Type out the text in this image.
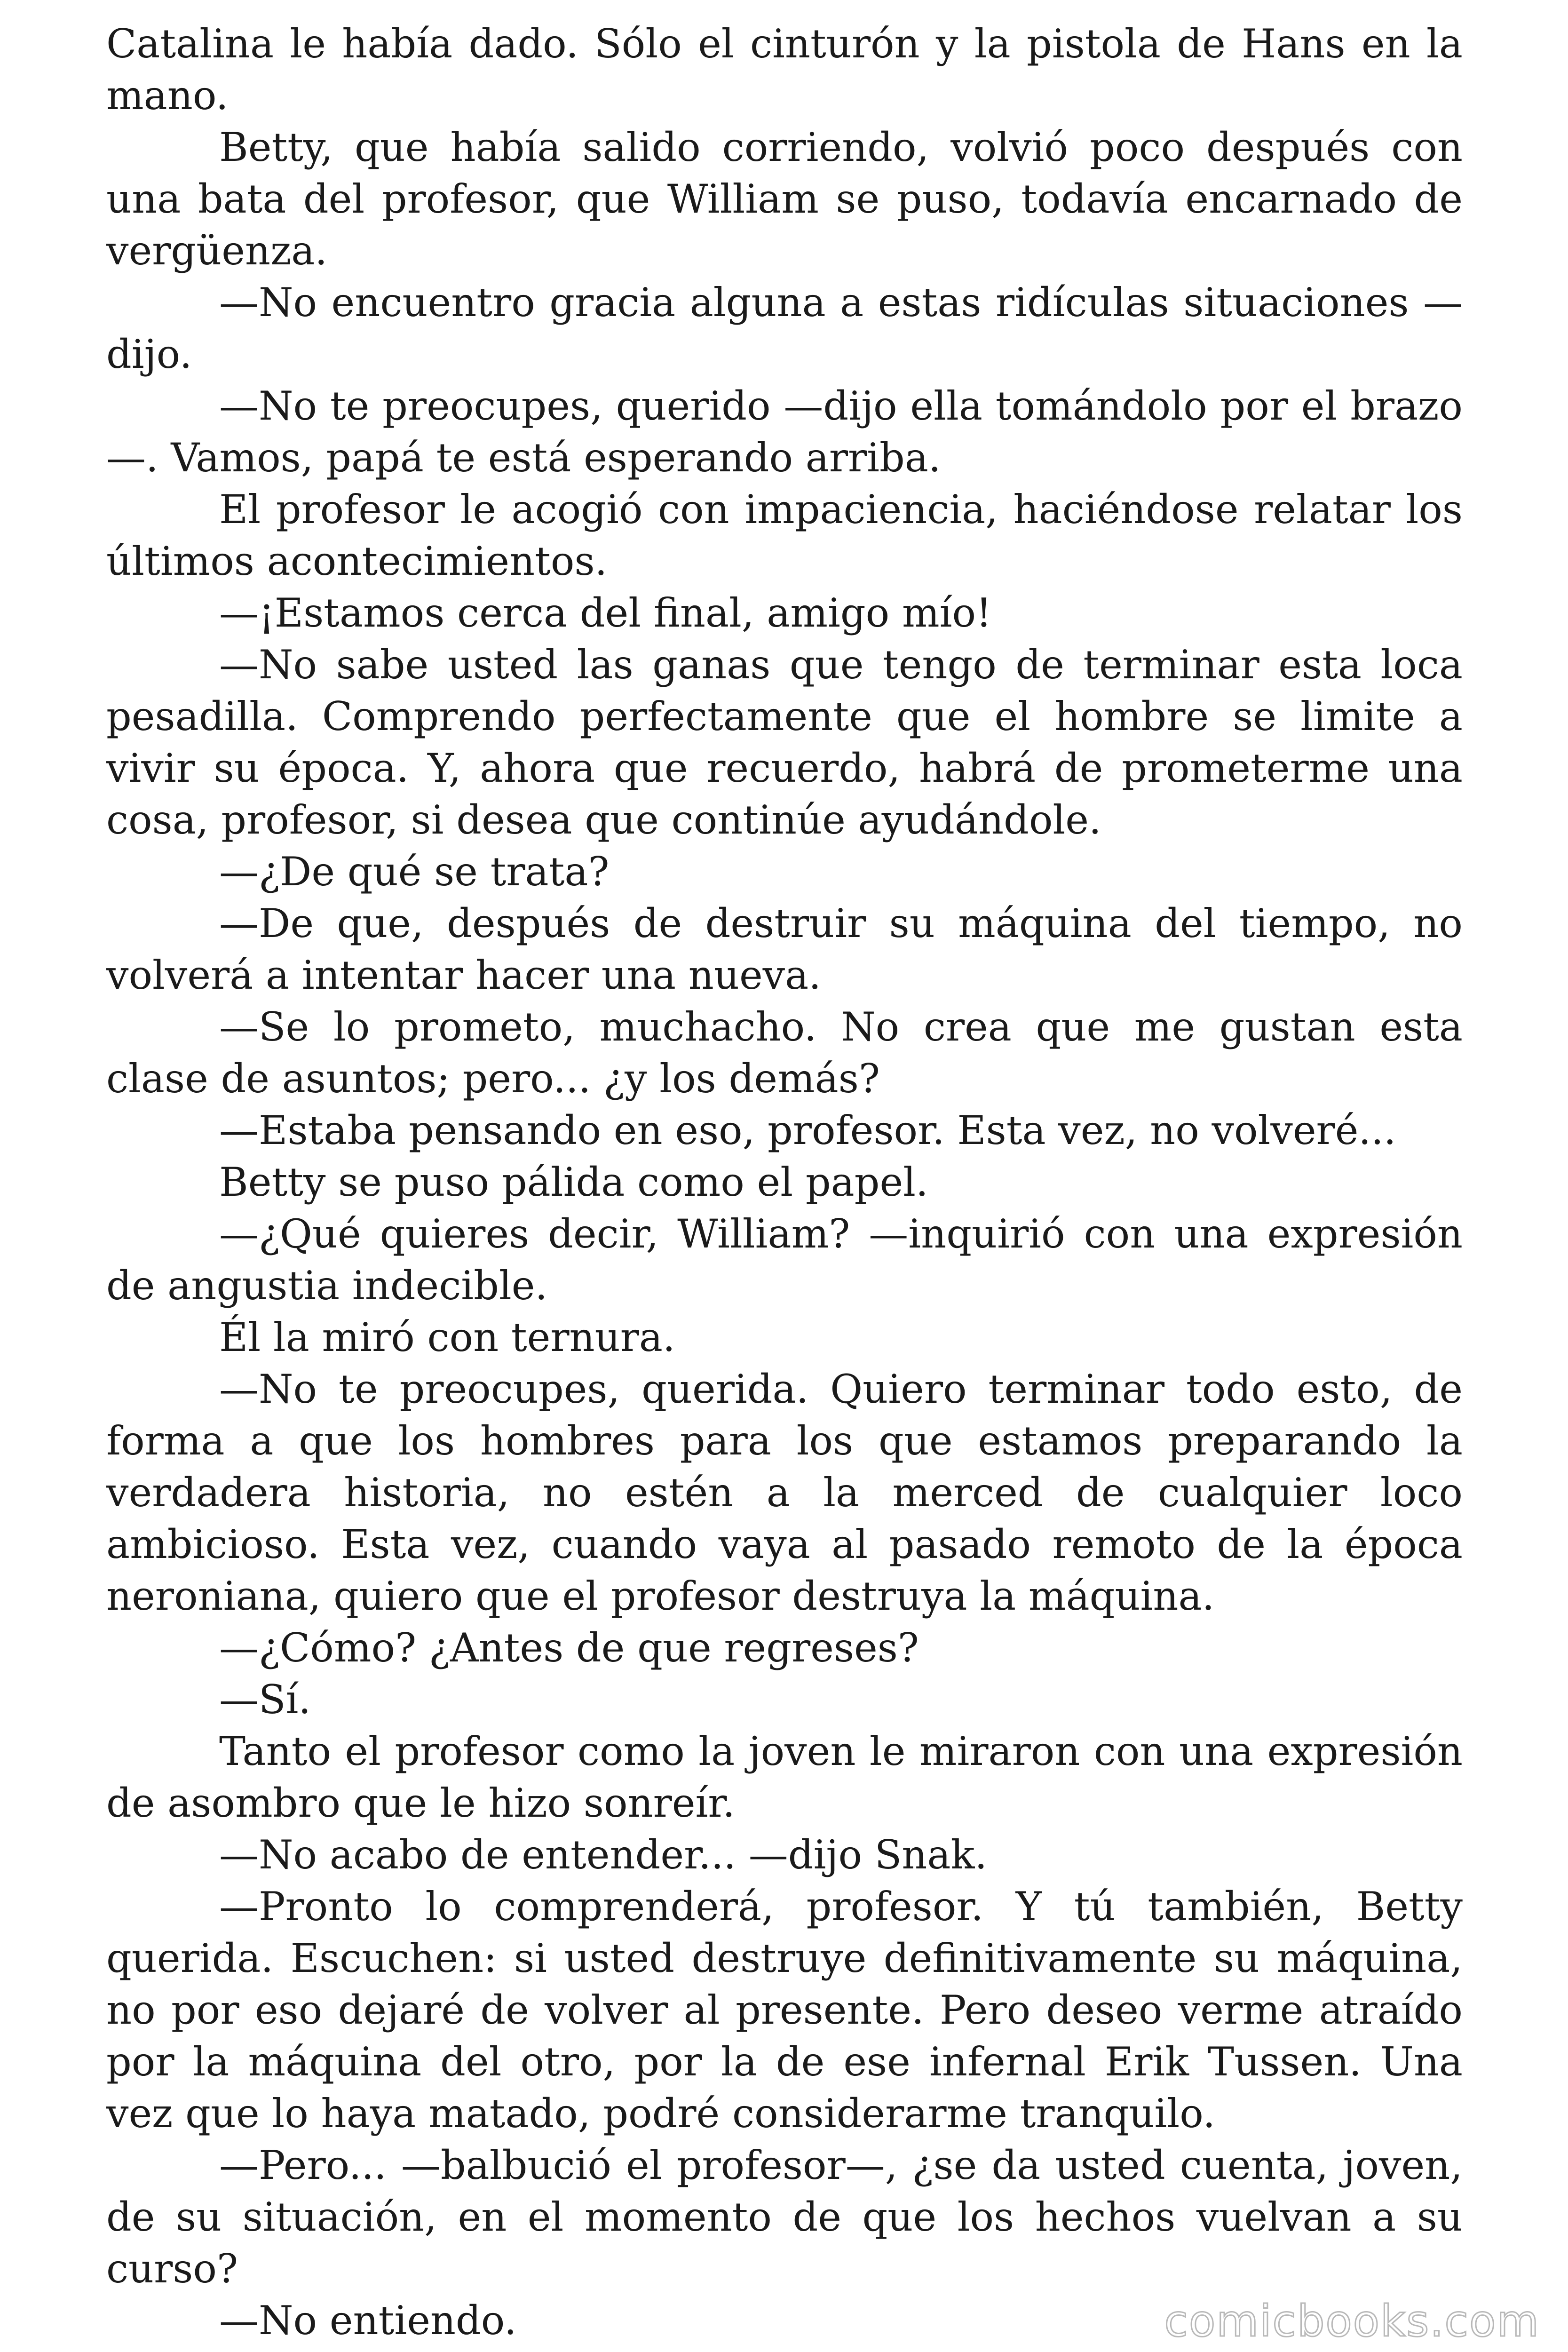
Catalina le había dado. Sólo el cinturón y la pistola de Hans en la mano.

Betty, que había salido corriendo, volvió poco después con una bata del profesor, que William se puso, todavía encarnado de vergüenza.

—No encuentro gracia alguna a estas ridículas situaciones —dijo.

—No te preocupes, querido —dijo ella tomándolo por el brazo —. Vamos, papá te está esperando arriba.

El profesor le acogió con impaciencia, haciéndose relatar los últimos acontecimientos.

—¡Estamos cerca del final, amigo mío!

—No sabe usted las ganas que tengo de terminar esta loca pesadilla. Comprendo perfectamente que el hombre se limite a vivir su época. Y, ahora que recuerdo, habrá de prometerme una cosa, profesor, si desea que continúe ayudándole.

—¿De qué se trata?

—De que, después de destruir su máquina del tiempo, no volverá a intentar hacer una nueva.

—Se lo prometo, muchacho. No crea que me gustan esta clase de asuntos; pero... ¿y los demás?

—Estaba pensando en eso, profesor. Esta vez, no volveré...

Betty se puso pálida como el papel.

—¿Qué quieres decir, William? —inquirió con una expresión de angustia indecible.

Él la miró con ternura.

—No te preocupes, querida. Quiero terminar todo esto, de forma a que los hombres para los que estamos preparando la verdadera historia, no estén a la merced de cualquier loco ambicioso. Esta vez, cuando vaya al pasado remoto de la época neroniana, quiero que el profesor destruya la máquina.

—¿Cómo? ¿Antes de que regreses?

—Sí.

Tanto el profesor como la joven le miraron con una expresión de asombro que le hizo sonreír.

—No acabo de entender... —dijo Snak.

—Pronto lo comprenderá, profesor. Y tú también, Betty querida. Escuchen: si usted destruye definitivamente su máquina, no por eso dejaré de volver al presente. Pero deseo verme atraído por la máquina del otro, por la de ese infernal Erik Tussen. Una vez que lo haya matado, podré considerarme tranquilo.

—Pero... —balbució el profesor—, ¿se da usted cuenta, joven, de su situación, en el momento de que los hechos vuelvan a su curso?

—No entiendo.	comicbooks.com
